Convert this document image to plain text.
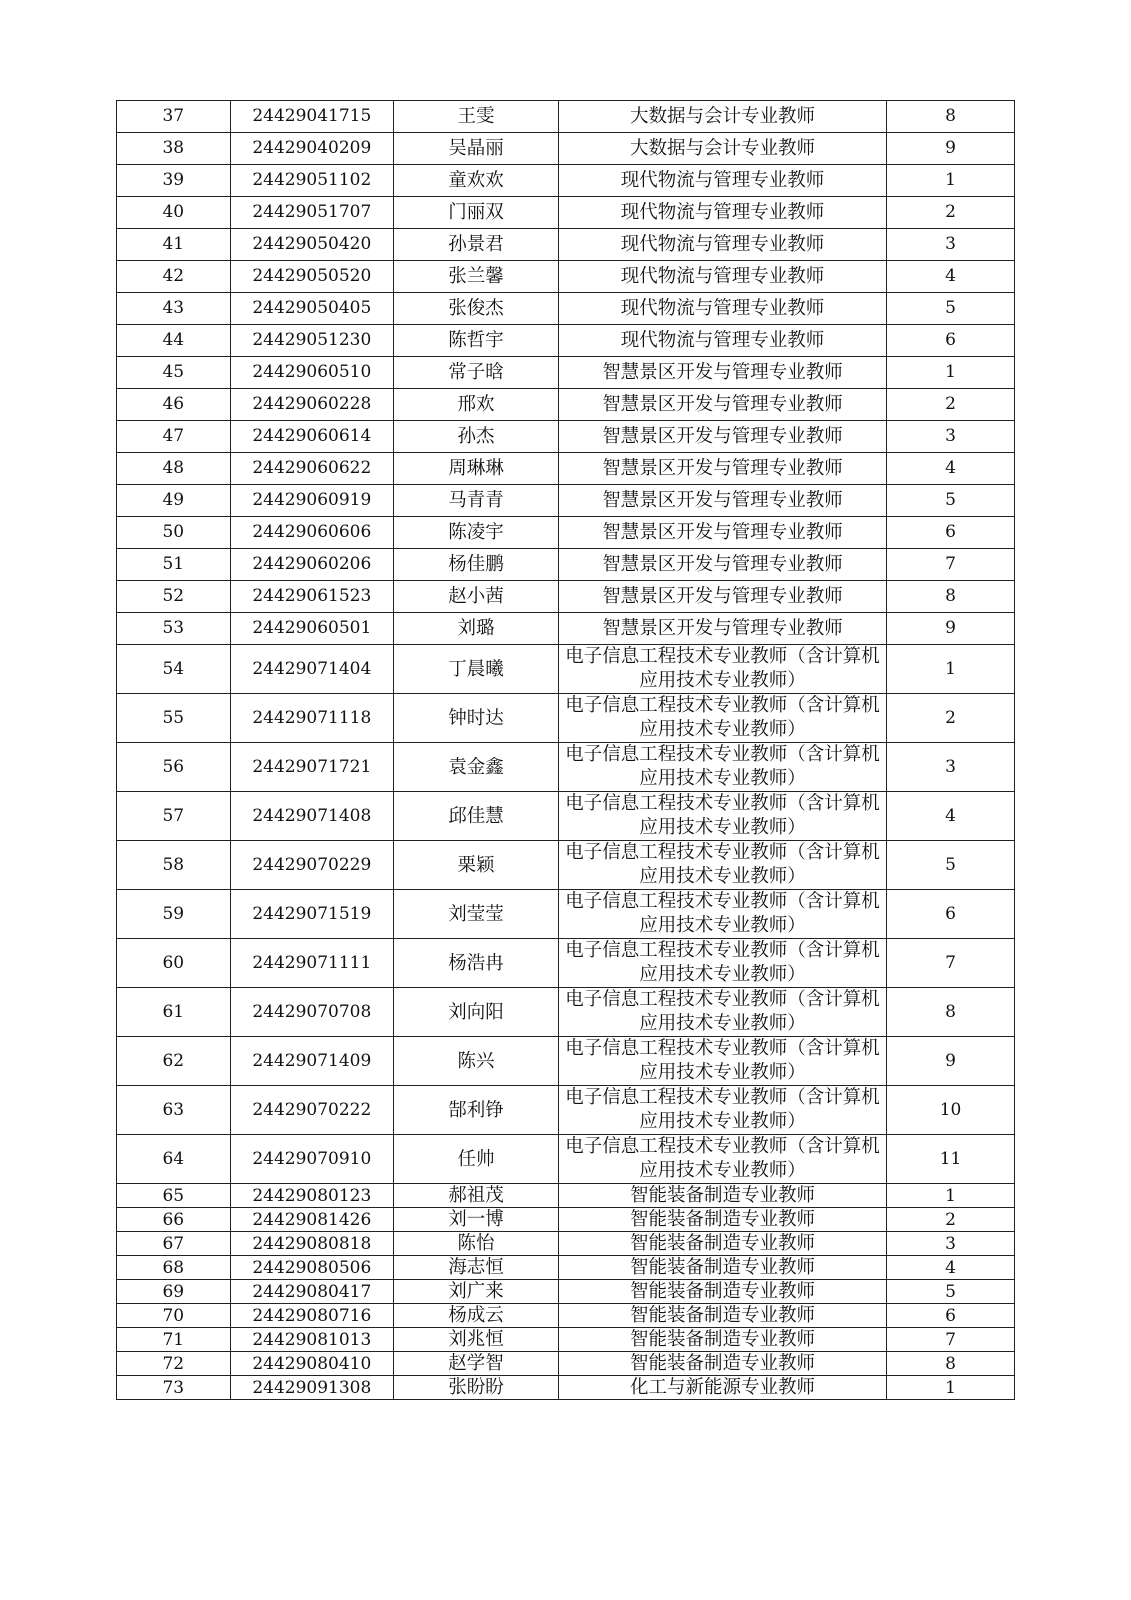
37	24429041715	王雯	大数据与会计专业教师	8
38	24429040209	吴晶丽	大数据与会计专业教师	9
39	24429051102	童欢欢	现代物流与管理专业教师	1
40	24429051707	门丽双	现代物流与管理专业教师	2
41	24429050420	孙景君	现代物流与管理专业教师	3
42	24429050520	张兰馨	现代物流与管理专业教师	4
43	24429050405	张俊杰	现代物流与管理专业教师	5
44	24429051230	陈哲宇	现代物流与管理专业教师	6
45	24429060510	常子晗	智慧景区开发与管理专业教师	1
46	24429060228	邢欢	智慧景区开发与管理专业教师	2
47	24429060614	孙杰	智慧景区开发与管理专业教师	3
48	24429060622	周琳琳	智慧景区开发与管理专业教师	4
49	24429060919	马青青	智慧景区开发与管理专业教师	5
50	24429060606	陈凌宇	智慧景区开发与管理专业教师	6
51	24429060206	杨佳鹏	智慧景区开发与管理专业教师	7
52	24429061523	赵小茜	智慧景区开发与管理专业教师	8
53	24429060501	刘璐	智慧景区开发与管理专业教师	9
54	24429071404	丁晨曦	电子信息工程技术专业教师（含计算机应用技术专业教师）	1
55	24429071118	钟时达	电子信息工程技术专业教师（含计算机应用技术专业教师）	2
56	24429071721	袁金鑫	电子信息工程技术专业教师（含计算机应用技术专业教师）	3
57	24429071408	邱佳慧	电子信息工程技术专业教师（含计算机应用技术专业教师）	4
58	24429070229	栗颖	电子信息工程技术专业教师（含计算机应用技术专业教师）	5
59	24429071519	刘莹莹	电子信息工程技术专业教师（含计算机应用技术专业教师）	6
60	24429071111	杨浩冉	电子信息工程技术专业教师（含计算机应用技术专业教师）	7
61	24429070708	刘向阳	电子信息工程技术专业教师（含计算机应用技术专业教师）	8
62	24429071409	陈兴	电子信息工程技术专业教师（含计算机应用技术专业教师）	9
63	24429070222	郜利铮	电子信息工程技术专业教师（含计算机应用技术专业教师）	10
64	24429070910	任帅	电子信息工程技术专业教师（含计算机应用技术专业教师）	11
65	24429080123	郝祖茂	智能装备制造专业教师	1
66	24429081426	刘一博	智能装备制造专业教师	2
67	24429080818	陈怡	智能装备制造专业教师	3
68	24429080506	海志恒	智能装备制造专业教师	4
69	24429080417	刘广来	智能装备制造专业教师	5
70	24429080716	杨成云	智能装备制造专业教师	6
71	24429081013	刘兆恒	智能装备制造专业教师	7
72	24429080410	赵学智	智能装备制造专业教师	8
73	24429091308	张盼盼	化工与新能源专业教师	1
